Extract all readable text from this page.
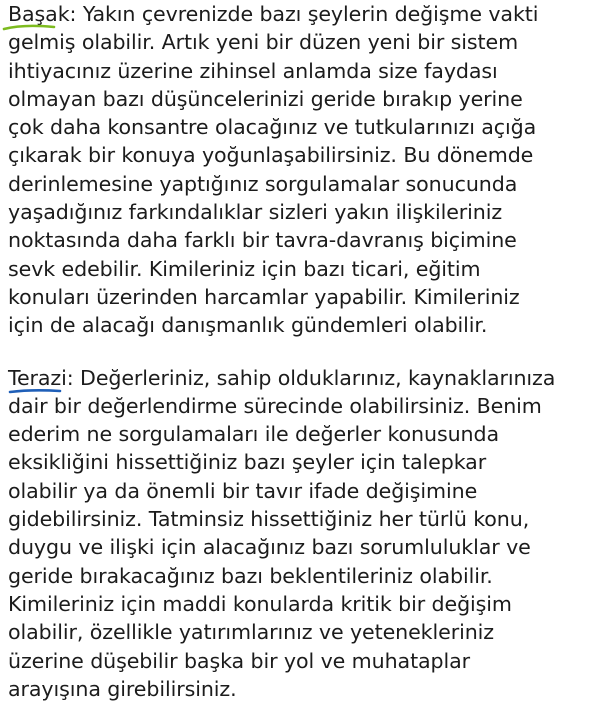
Başak
: Yakın çevrenizde bazı şeylerin değişme vakti
gelmiş olabilir. Artık yeni bir düzen yeni bir sistem
ihtiyacınız üzerine zihinsel anlamda size faydası
olmayan bazı düşüncelerinizi geride bırakıp yerine
çok daha konsantre olacağınız ve tutkularınızı açığa
çıkarak bir konuya yoğunlaşabilirsiniz. Bu dönemde
derinlemesine yaptığınız sorgulamalar sonucunda
yaşadığınız farkındalıklar sizleri yakın ilişkileriniz
noktasında daha farklı bir tavra-davranış biçimine
sevk edebilir. Kimileriniz için bazı ticari, eğitim
konuları üzerinden harcamlar yapabilir. Kimileriniz
için de alacağı danışmanlık gündemleri olabilir.

Terazi:
Değerleriniz, sahip olduklarınız, kaynaklarınıza
dair bir değerlendirme sürecinde olabilirsiniz. Benim
ederim ne sorgulamaları ile değerler konusunda
eksikliğini hissettiğiniz bazı şeyler için talepkar
olabilir ya da önemli bir tavır ifade değişimine
gidebilirsiniz. Tatminsiz hissettiğiniz her türlü konu,
duygu ve ilişki için alacağınız bazı sorumluluklar ve
geride bırakacağınız bazı beklentileriniz olabilir.
Kimileriniz için maddi konularda kritik bir değişim
olabilir, özellikle yatırımlarınız ve yetenekleriniz
üzerine düşebilir başka bir yol ve muhataplar
arayışına girebilirsiniz.
